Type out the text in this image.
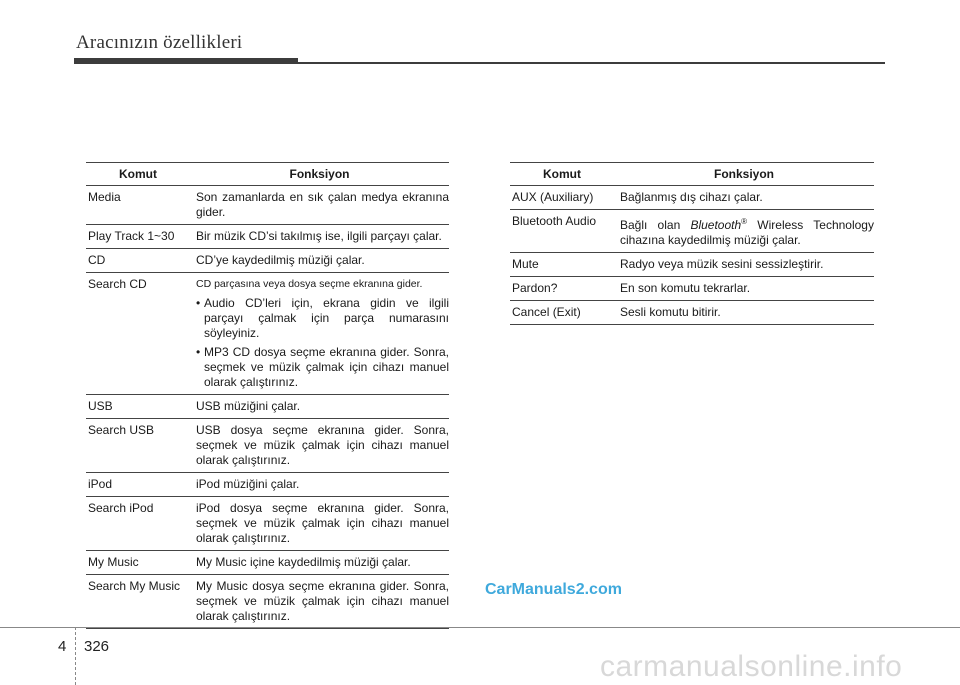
Aracınızın özellikleri
Komut	Fonksiyon
Media	Son zamanlarda en sık çalan medya ekranına gider.
Play Track 1~30	Bir müzik CD’si takılmış ise, ilgili parçayı çalar.
CD	CD’ye kaydedilmiş müziği çalar.
Search CD	CD parçasına veya dosya seçme ekranına gider.
• Audio CD’leri için, ekrana gidin ve ilgili parçayı çalmak için parça numarasını söyleyiniz.
• MP3 CD dosya seçme ekranına gider. Sonra, seçmek ve müzik çalmak için cihazı manuel olarak çalıştırınız.

USB	USB müziğini çalar.
Search USB	USB dosya seçme ekranına gider. Sonra, seçmek ve müzik çalmak için cihazı manuel olarak çalıştırınız.
iPod	iPod müziğini çalar.
Search iPod	iPod dosya seçme ekranına gider. Sonra, seçmek ve müzik çalmak için cihazı manuel olarak çalıştırınız.
My Music	My Music içine kaydedilmiş müziği çalar.
Search My Music	My Music dosya seçme ekranına gider. Sonra, seçmek ve müzik çalmak için cihazı manuel olarak çalıştırınız.
Komut	Fonksiyon
AUX (Auxiliary)	Bağlanmış dış cihazı çalar.
Bluetooth Audio	Bağlı olan Bluetooth® Wireless Technology cihazına kaydedilmiş müziği çalar.
Mute	Radyo veya müzik sesini sessizleştirir.
Pardon?	En son komutu tekrarlar.
Cancel (Exit)	Sesli komutu bitirir.
CarManuals2.com
4 326
carmanualsonline.info
